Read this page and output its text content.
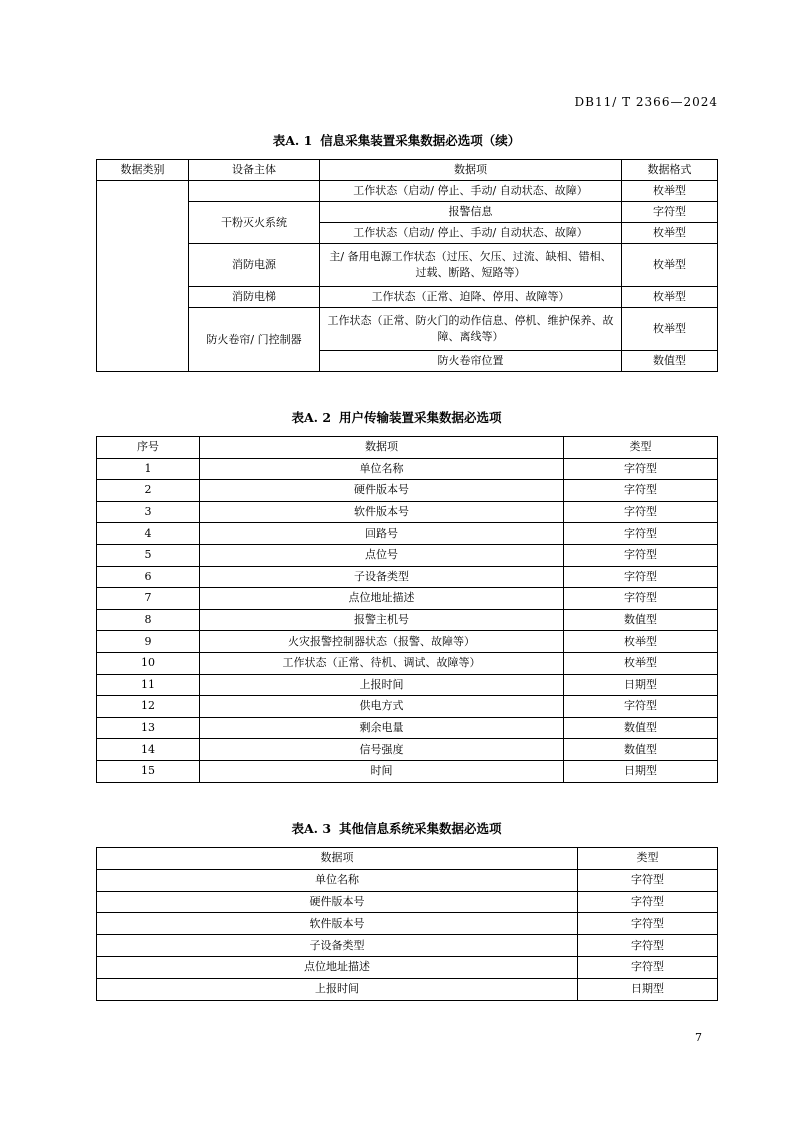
DB11/ T 2366—2024
表A. 1 信息采集装置采集数据必选项（续）
数据类别	设备主体	数据项	数据格式
		工作状态（启动/ 停止、手动/ 自动状态、故障）	枚举型
	干粉灭火系统	报警信息	字符型
		工作状态（启动/ 停止、手动/ 自动状态、故障）	枚举型
	消防电源	主/ 备用电源工作状态（过压、欠压、过流、缺相、错相、过载、断路、短路等）	枚举型
	消防电梯	工作状态（正常、迫降、停用、故障等）	枚举型
	防火卷帘/ 门控制器	工作状态（正常、防火门的动作信息、停机、维护保养、故障、离线等）	枚举型
		防火卷帘位置	数值型
表A. 2 用户传输装置采集数据必选项
序号	数据项	类型
1	单位名称	字符型
2	硬件版本号	字符型
3	软件版本号	字符型
4	回路号	字符型
5	点位号	字符型
6	子设备类型	字符型
7	点位地址描述	字符型
8	报警主机号	数值型
9	火灾报警控制器状态（报警、故障等）	枚举型
10	工作状态（正常、待机、调试、故障等）	枚举型
11	上报时间	日期型
12	供电方式	字符型
13	剩余电量	数值型
14	信号强度	数值型
15	时间	日期型
表A. 3 其他信息系统采集数据必选项
数据项	类型
单位名称	字符型
硬件版本号	字符型
软件版本号	字符型
子设备类型	字符型
点位地址描述	字符型
上报时间	日期型
7
